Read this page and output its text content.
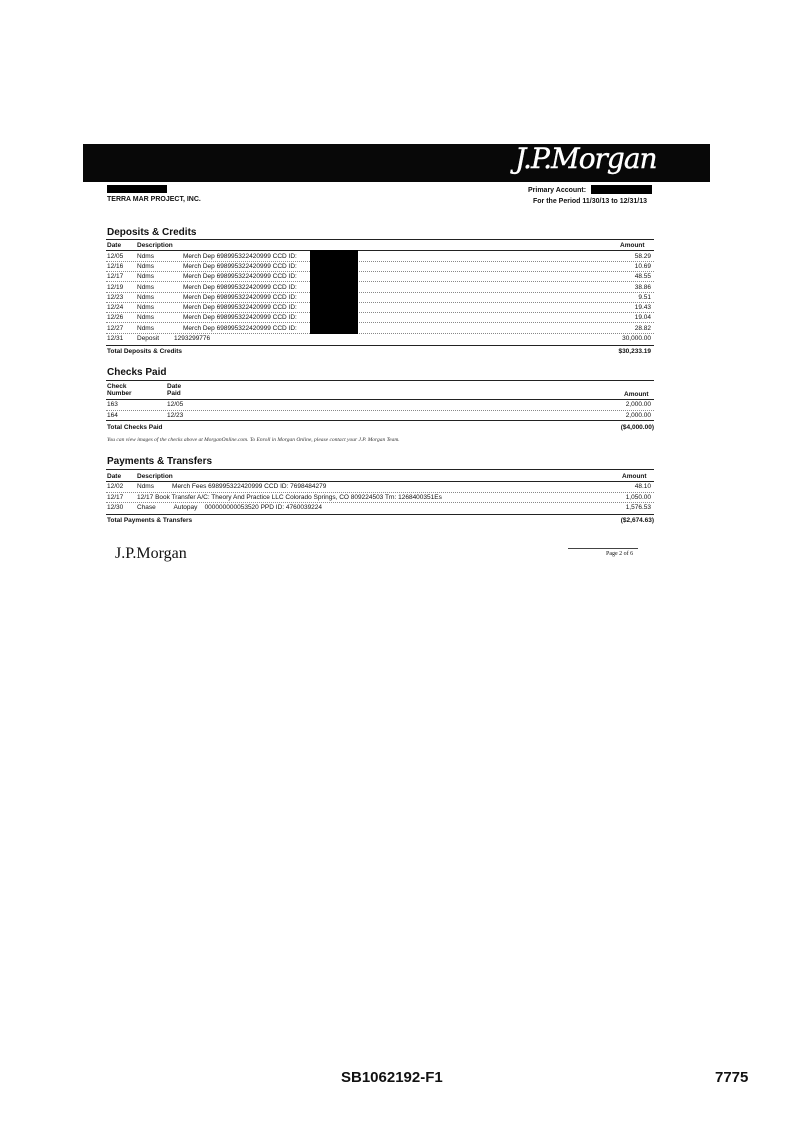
J.P.Morgan
TERRA MAR PROJECT, INC.
Primary Account:
For the Period 11/30/13 to 12/31/13
Deposits & Credits
Date Description	Amount
12/05 Ndms	Merch Dep 698995322420999 CCD ID:	58.29
12/16 Ndms	Merch Dep 698995322420999 CCD ID:	10.69
12/17 Ndms	Merch Dep 698995322420999 CCD ID:	48.55
12/19 Ndms	Merch Dep 698995322420999 CCD ID:	38.86
12/23 Ndms	Merch Dep 698995322420999 CCD ID:	9.51
12/24 Ndms	Merch Dep 698995322420999 CCD ID:	19.43
12/26 Ndms	Merch Dep 698995322420999 CCD ID:	19.04
12/27 Ndms	Merch Dep 698995322420999 CCD ID:	28.82
12/31 Deposit 1293299776	30,000.00
Total Deposits & Credits	$30,233.19
Checks Paid
Check
Number
Date
Paid	Amount
163	12/05	2,000.00
164	12/23	2,000.00
Total Checks Paid	($4,000.00)
You can view images of the checks above at MorganOnline.com. To Enroll in Morgan Online, please contact your J.P. Morgan Team.
Payments & Transfers
Date Description	Amount
12/02 Ndms          Merch Fees 698995322420999 CCD ID: 7698484279	48.10
12/17 12/17 Book Transfer A/C: Theory And Practice LLC Colorado Springs, CO 809224503 Trn: 1268400351Es	1,050.00
12/30 Chase          Autopay    000000000053520 PPD ID: 4760039224	1,576.53
Total Payments & Transfers	($2,674.63)
J.P.Morgan	Page 2 of 6
SB1062192-F1	7775
